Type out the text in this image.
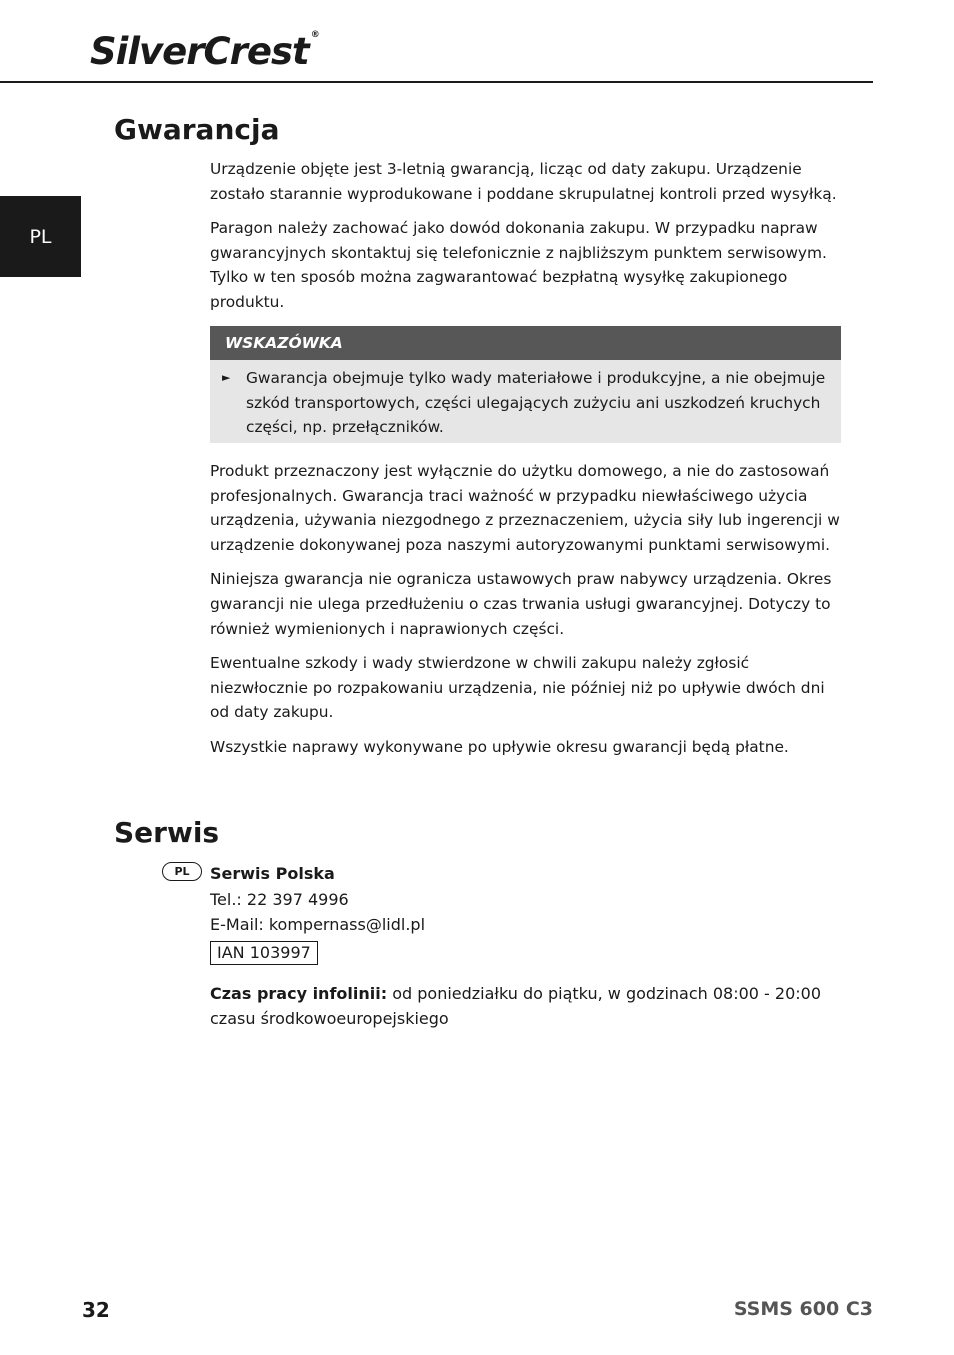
SilverCrest ®
PL
Gwarancja

Urządzenie objęte jest 3-letnią gwarancją, licząc od daty zakupu. Urządzenie zostało starannie wyprodukowane i poddane skrupulatnej kontroli przed wysyłką.

Paragon należy zachować jako dowód dokonania zakupu. W przypadku napraw gwarancyjnych skontaktuj się telefonicznie z najbliższym punktem serwisowym. Tylko w ten sposób można zagwarantować bezpłatną wysyłkę zakupionego produktu.

WSKAZÓWKA
►	Gwarancja obejmuje tylko wady materiałowe i produkcyjne, a nie obejmuje szkód transportowych, części ulegających zużyciu ani uszkodzeń kruchych części, np. przełączników.

Produkt przeznaczony jest wyłącznie do użytku domowego, a nie do zastosowań profesjonalnych. Gwarancja traci ważność w przypadku niewłaściwego użycia urządzenia, używania niezgodnego z przeznaczeniem, użycia siły lub ingerencji w urządzenie dokonywanej poza naszymi autoryzowanymi punktami serwisowymi.

Niniejsza gwarancja nie ogranicza ustawowych praw nabywcy urządzenia. Okres gwarancji nie ulega przedłużeniu o czas trwania usługi gwarancyjnej. Dotyczy to również wymienionych i naprawionych części.

Ewentualne szkody i wady stwierdzone w chwili zakupu należy zgłosić niezwłocznie po rozpakowaniu urządzenia, nie później niż po upływie dwóch dni od daty zakupu.

Wszystkie naprawy wykonywane po upływie okresu gwarancji będą płatne.

Serwis
PL	Serwis Polska
Tel.: 22 397 4996
E-Mail: kompernass@lidl.pl
IAN 103997
Czas pracy infolinii: od poniedziałku do piątku, w godzinach 08:00 - 20:00 czasu środkowoeuropejskiego
32	SSMS 600 C3
